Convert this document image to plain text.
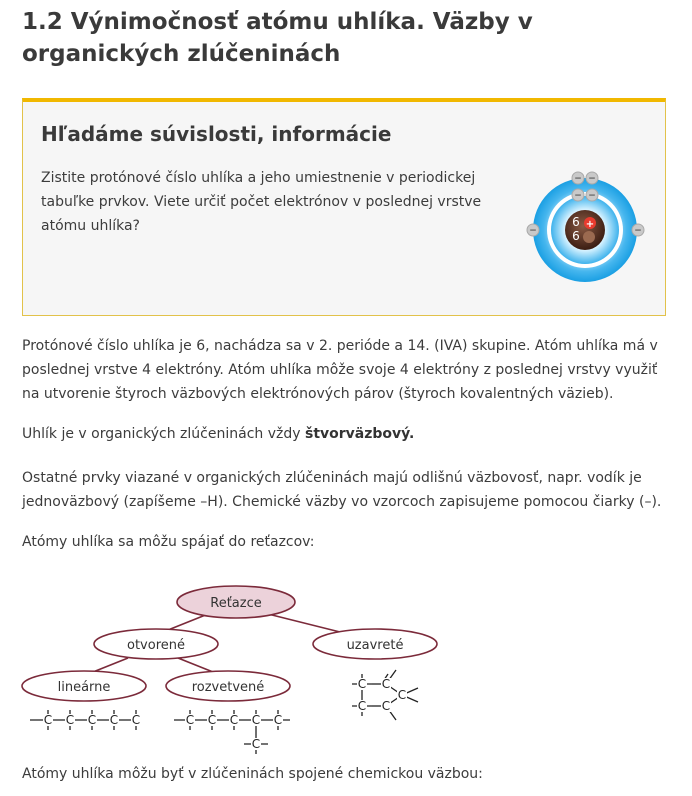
1.2 Výnimočnosť atómu uhlíka. Väzby v organických zlúčeninách
Hľadáme súvislosti, informácie

Zistite protónové číslo uhlíka a jeho umiestnenie v periodickej tabuľke prvkov. Viete určiť počet elektrónov v poslednej vrstve atómu uhlíka?	6
6
+
− −
− −
−	−

Protónové číslo uhlíka je 6, nachádza sa v 2. perióde a 14. (IVA) skupine. Atóm uhlíka má v poslednej vrstve 4 elektróny. Atóm uhlíka môže svoje 4 elektróny z poslednej vrstvy využiť na utvorenie štyroch väzbových elektrónových párov (štyroch kovalentných väzieb).

Uhlík je v organických zlúčeninách vždy štvorväzbový.

Ostatné prvky viazané v organických zlúčeninách majú odlišnú väzbovosť, napr. vodík je jednoväzbový (zapíšeme –H). Chemické väzby vo vzorcoch zapisujeme pomocou čiarky (–).

Atómy uhlíka sa môžu spájať do reťazcov:

Reťazce
otvorené	uzavreté
lineárne	rozvetvené
C C C C C	C C C C C
C
C
C
C
C
C

Atómy uhlíka môžu byť v zlúčeninách spojené chemickou väzbou:
